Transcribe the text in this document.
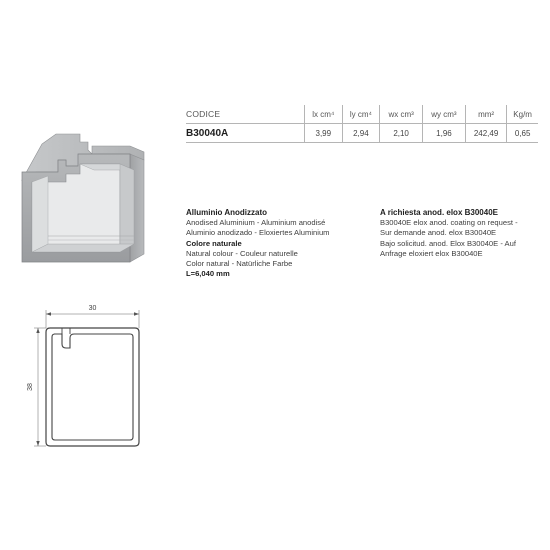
CODICE	lx cm⁴	ly cm⁴	wx cm³	wy cm³	mm²	Kg/m
B30040A	3,99	2,94	2,10	1,96	242,49	0,65
Alluminio Anodizzato
Anodised Aluminium - Aluminium anodisé
Aluminio anodizado - Eloxiertes Aluminium
Colore naturale
Natural colour - Couleur naturelle
Color natural - Natürliche Farbe
L=6,040 mm
A richiesta anod. elox B30040E
B30040E elox anod. coating on request -
Sur demande anod. elox B30040E
Bajo solicitud. anod. Elox B30040E - Auf
Anfrage eloxiert elox B30040E
30
38
